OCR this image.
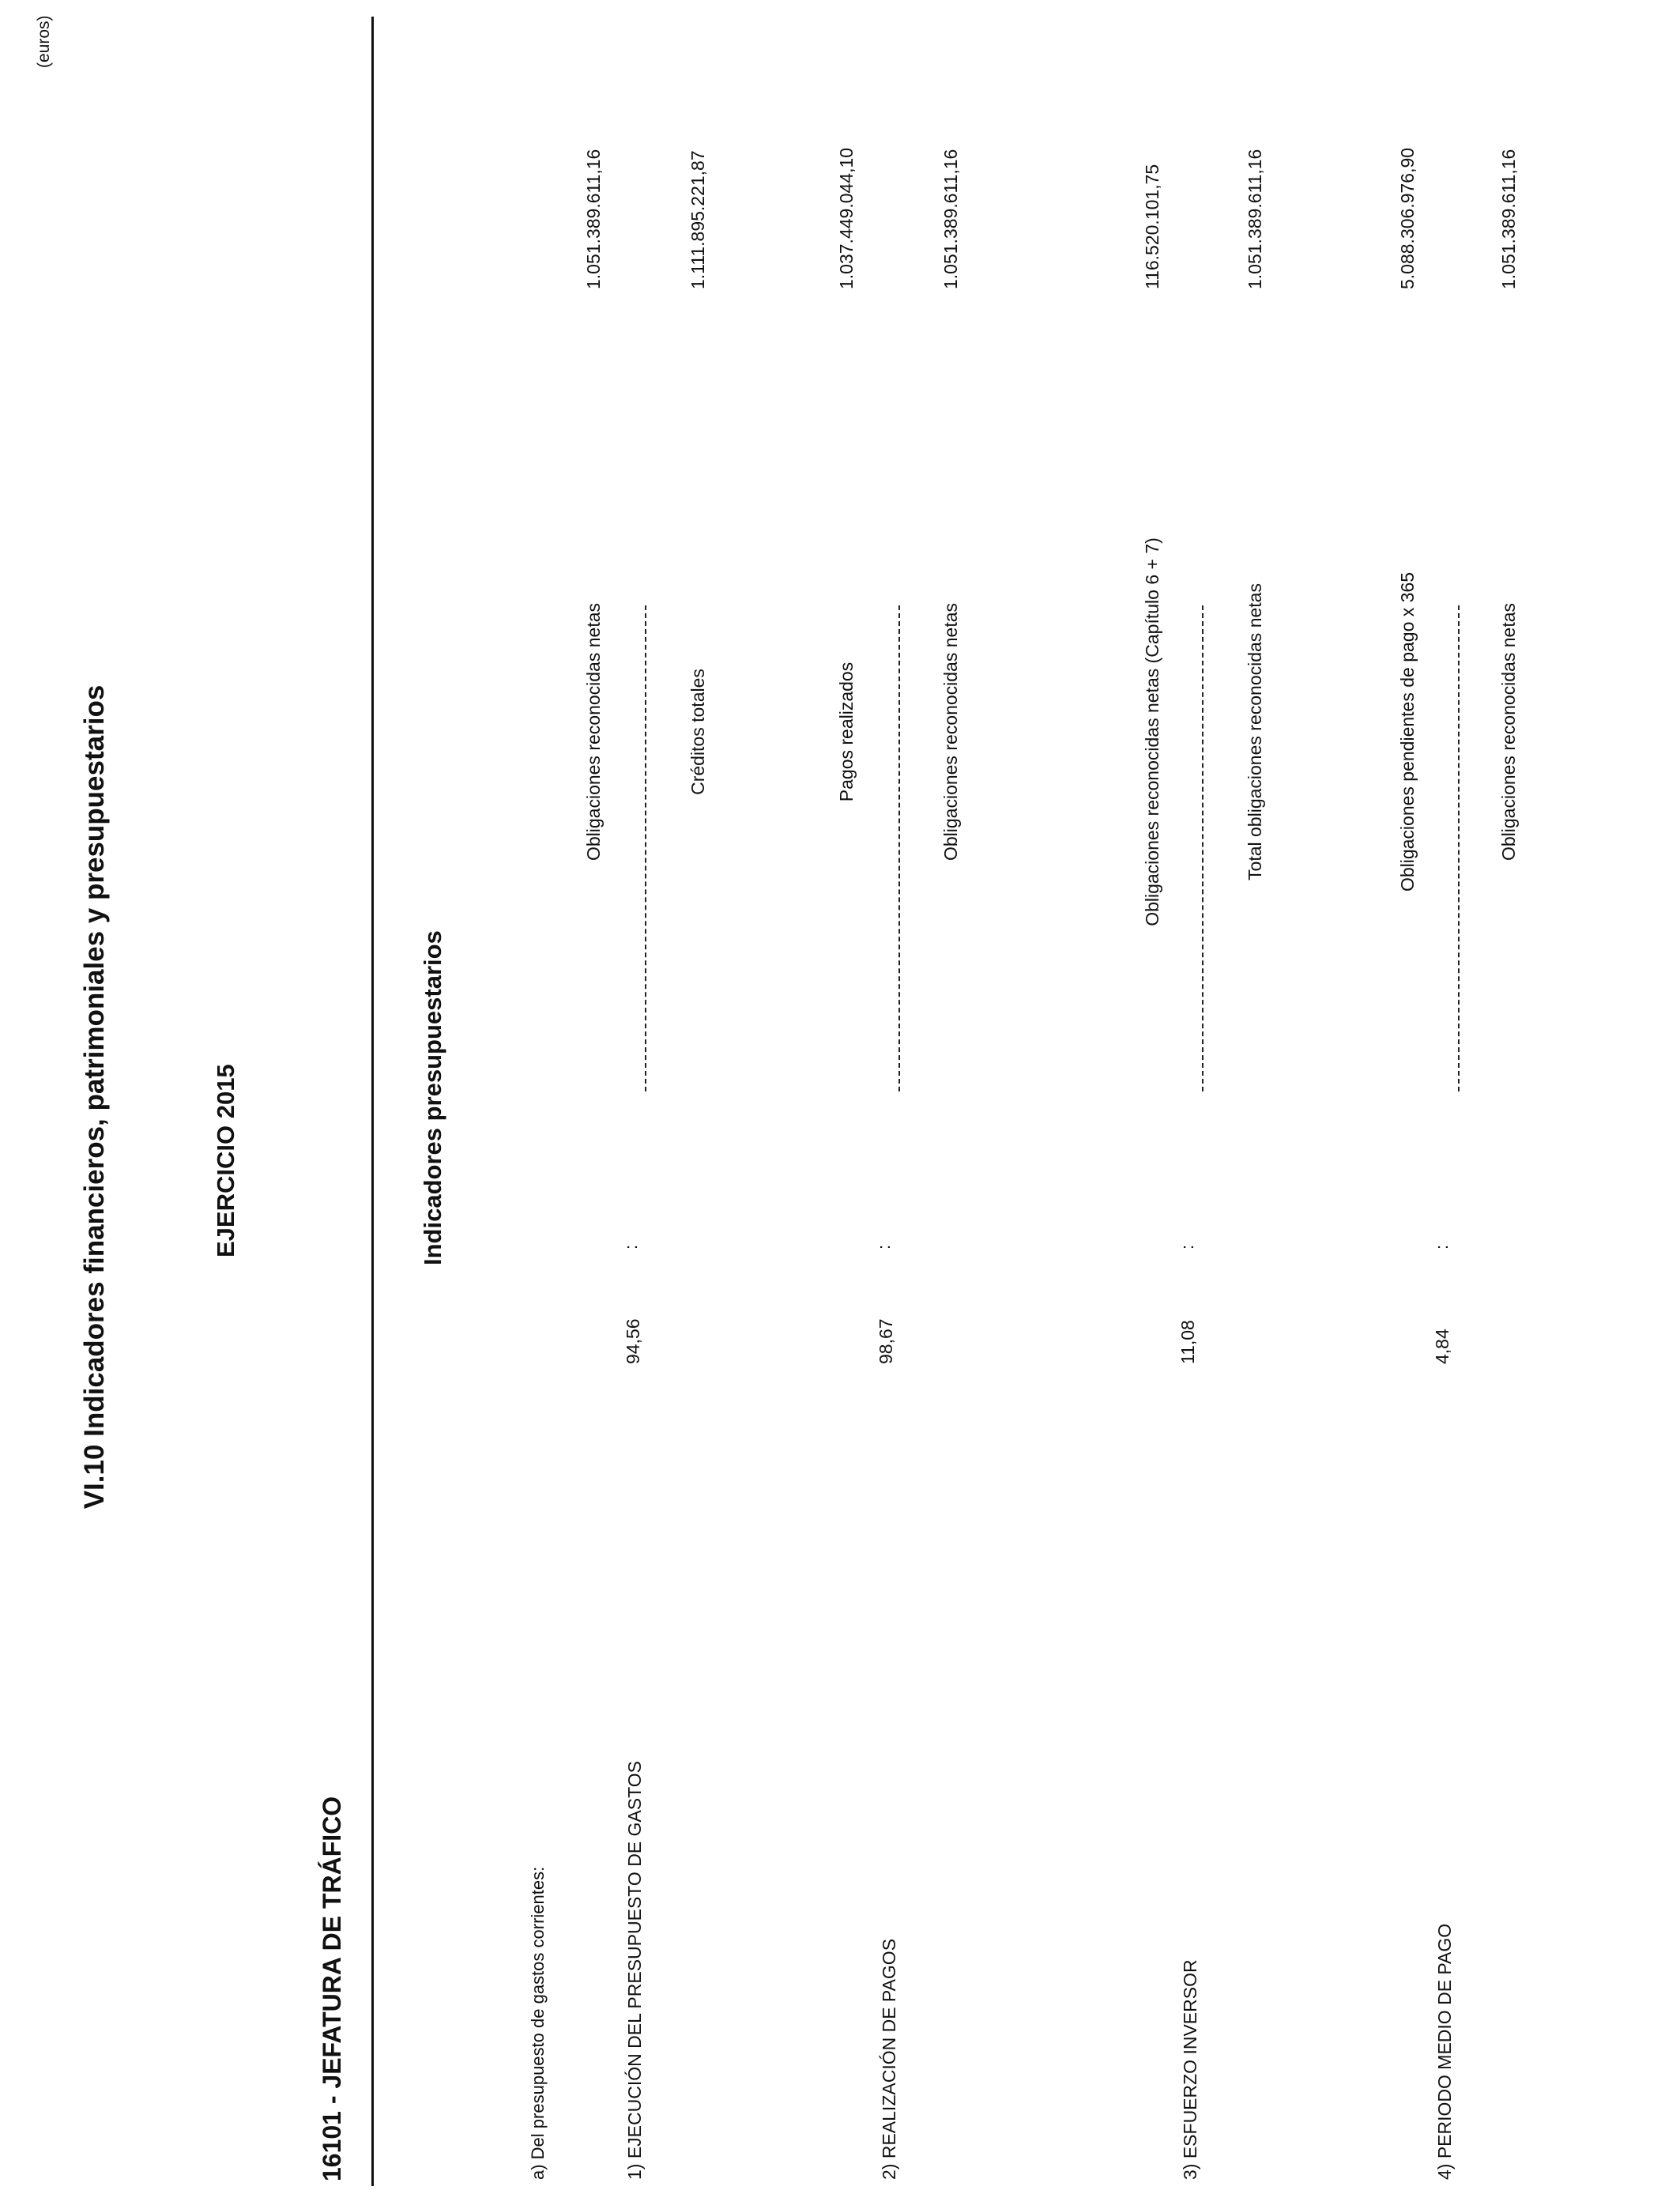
VI.10 Indicadores financieros, patrimoniales y presupuestarios	EJERCICIO 2015
16101 - JEFATURA DE TRÁFICO
(euros)
Indicadores presupuestarios
a) Del presupuesto de gastos corrientes:	1) EJECUCIÓN DEL PRESUPUESTO DE GASTOS
94,56
:
Obligaciones reconocidas netas	Créditos totales
1.051.389.611,16	1.111.895.221,87
2) REALIZACIÓN DE PAGOS
98,67
:
Pagos realizados	Obligaciones reconocidas netas
1.037.449.044,10	1.051.389.611,16
3) ESFUERZO INVERSOR
11,08
:
Obligaciones reconocidas netas (Capítulo 6 + 7)	Total obligaciones reconocidas netas
116.520.101,75	1.051.389.611,16
4) PERIODO MEDIO DE PAGO
4,84
:
Obligaciones pendientes de pago x 365	Obligaciones reconocidas netas
5.088.306.976,90	1.051.389.611,16
